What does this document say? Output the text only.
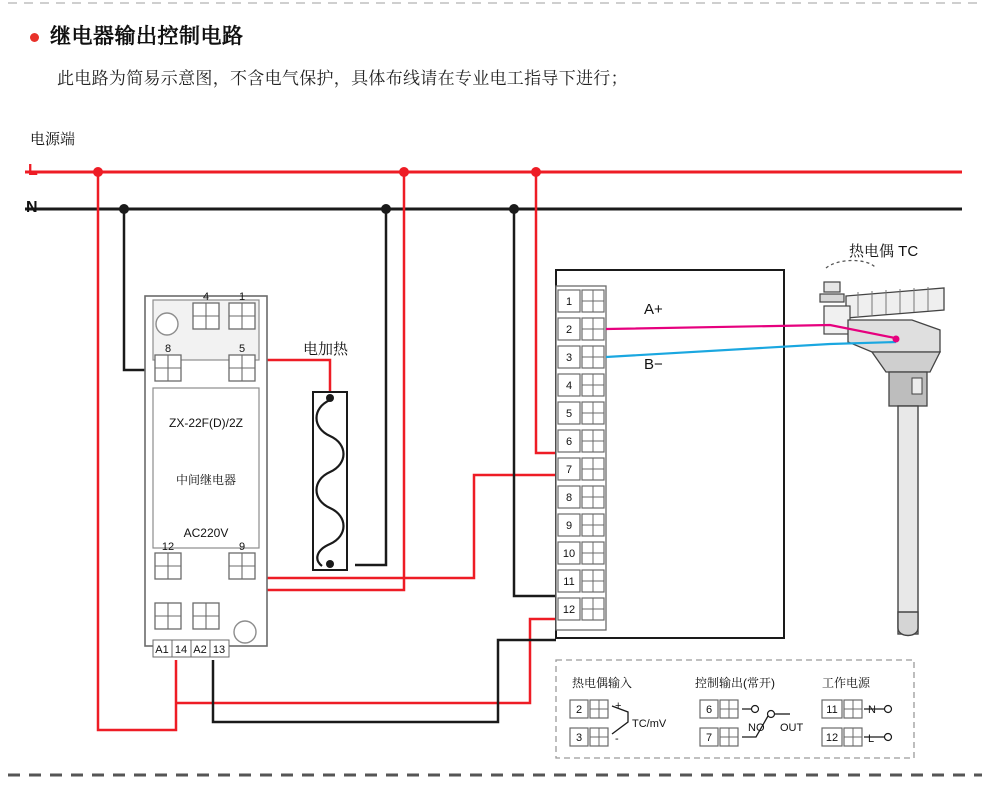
继电器输出控制电路
此电路为简易示意图，不含电气保护，具体布线请在专业电工指导下进行；
4	1
8	5
12	9
A1 14 A2 13
ZX-22F(D)/2Z
中间继电器
AC220V
1
2
3
4
5
6
7
8
9
10
11
12
热电偶输入
2
3
+
-
TC/mV
控制输出(常开)
6
7
NO OUT
工作电源
11
12
N
L
电源端
L
N
电加热
热电偶 TC
A+
B−
